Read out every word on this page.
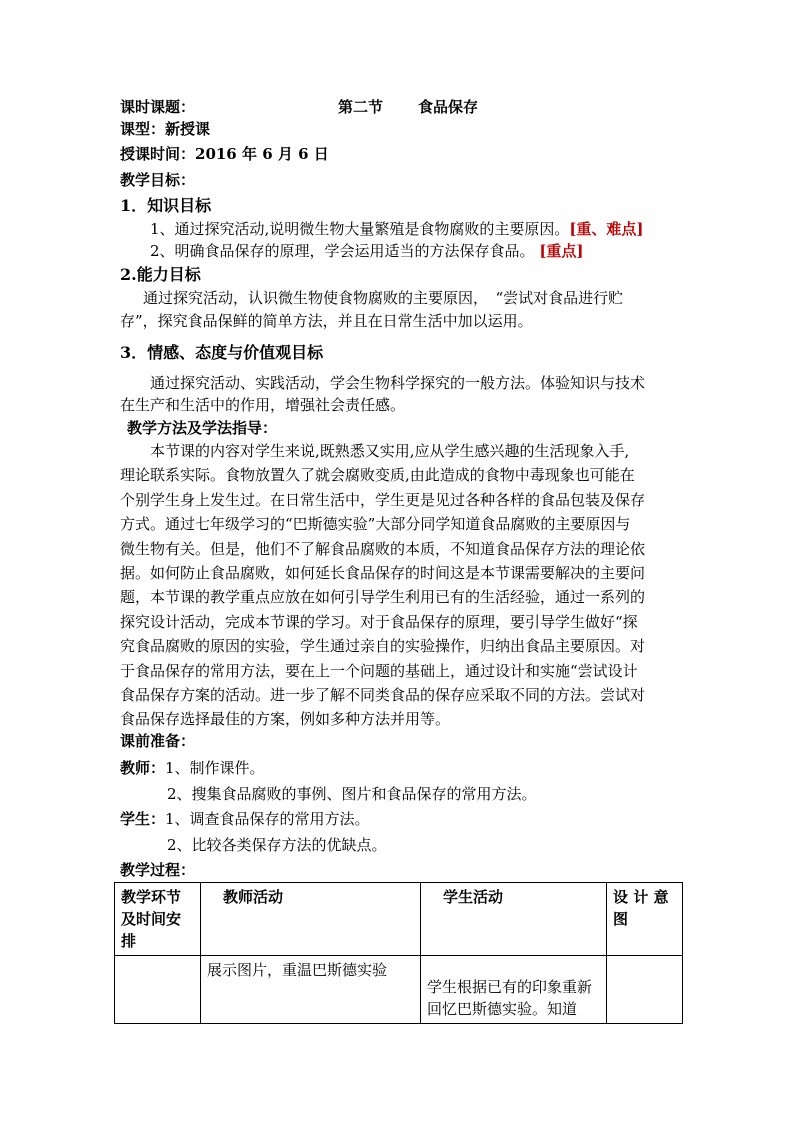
课时课题：	第二节 食品保存
课型：新授课
授课时间：2016 年 6 月 6 日
教学目标：
1．知识目标
1、通过探究活动,说明微生物大量繁殖是食物腐败的主要原因。[重、难点]
2、明确食品保存的原理，学会运用适当的方法保存食品。 [重点]
2.能力目标
通过探究活动，认识微生物使食物腐败的主要原因，　“尝试对食品进行贮
存”，探究食品保鲜的简单方法，并且在日常生活中加以运用。
3．情感、态度与价值观目标
通过探究活动、实践活动，学会生物科学探究的一般方法。体验知识与技术
在生产和生活中的作用，增强社会责任感。
教学方法及学法指导：
本节课的内容对学生来说,既熟悉又实用,应从学生感兴趣的生活现象入手,
理论联系实际。食物放置久了就会腐败变质,由此造成的食物中毒现象也可能在
个别学生身上发生过。在日常生活中，学生更是见过各种各样的食品包装及保存
方式。通过七年级学习的“巴斯德实验”大部分同学知道食品腐败的主要原因与
微生物有关。但是，他们不了解食品腐败的本质，不知道食品保存方法的理论依
据。如何防止食品腐败，如何延长食品保存的时间这是本节课需要解决的主要问
题，本节课的教学重点应放在如何引导学生利用已有的生活经验，通过一系列的
探究设计活动，完成本节课的学习。对于食品保存的原理，要引导学生做好“探
究食品腐败的原因的实验，学生通过亲自的实验操作，归纳出食品主要原因。对
于食品保存的常用方法，要在上一个问题的基础上，通过设计和实施“尝试设计
食品保存方案的活动。进一步了解不同类食品的保存应采取不同的方法。尝试对
食品保存选择最佳的方案，例如多种方法并用等。
课前准备：
教师：1、制作课件。
2、搜集食品腐败的事例、图片和食品保存的常用方法。
学生：1、调查食品保存的常用方法。
2、比较各类保存方法的优缺点。
教学过程：
教学环节及时间安排	教师活动	学生活动	设 计 意图
	展示图片，重温巴斯德实验	学生根据已有的印象重新回忆巴斯德实验。知道	
